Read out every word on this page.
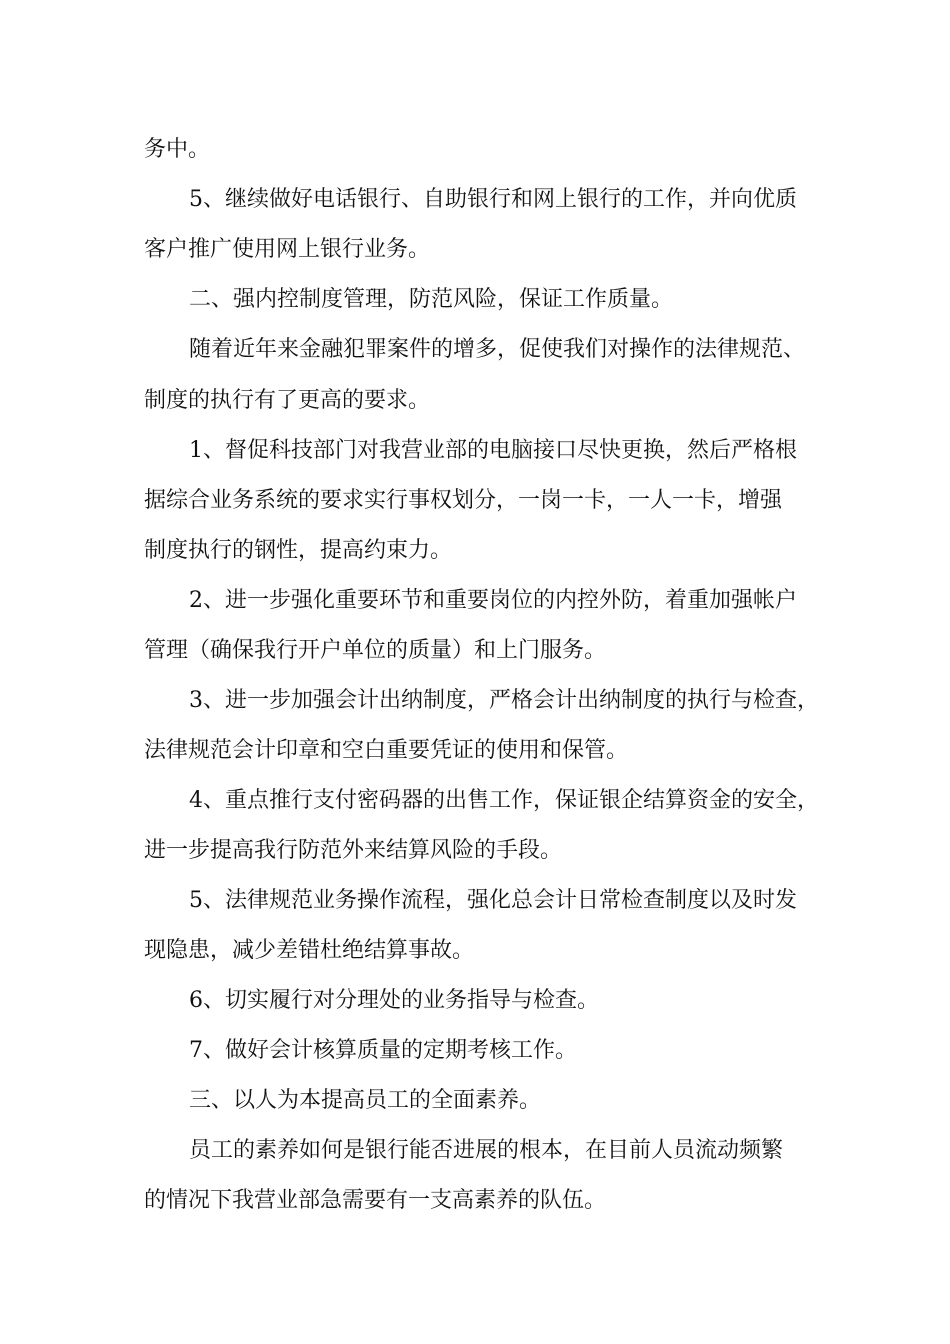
务中。
5、继续做好电话银行、自助银行和网上银行的工作，并向优质
客户推广使用网上银行业务。
二、强内控制度管理，防范风险，保证工作质量。
随着近年来金融犯罪案件的增多，促使我们对操作的法律规范、
制度的执行有了更高的要求。
1、督促科技部门对我营业部的电脑接口尽快更换，然后严格根
据综合业务系统的要求实行事权划分，一岗一卡，一人一卡，增强
制度执行的钢性，提高约束力。
2、进一步强化重要环节和重要岗位的内控外防，着重加强帐户
管理（确保我行开户单位的质量）和上门服务。
3、进一步加强会计出纳制度，严格会计出纳制度的执行与检查，
法律规范会计印章和空白重要凭证的使用和保管。
4、重点推行支付密码器的出售工作，保证银企结算资金的安全，
进一步提高我行防范外来结算风险的手段。
5、法律规范业务操作流程，强化总会计日常检查制度以及时发
现隐患，减少差错杜绝结算事故。
6、切实履行对分理处的业务指导与检查。
7、做好会计核算质量的定期考核工作。
三、以人为本提高员工的全面素养。
员工的素养如何是银行能否进展的根本，在目前人员流动频繁
的情况下我营业部急需要有一支高素养的队伍。
